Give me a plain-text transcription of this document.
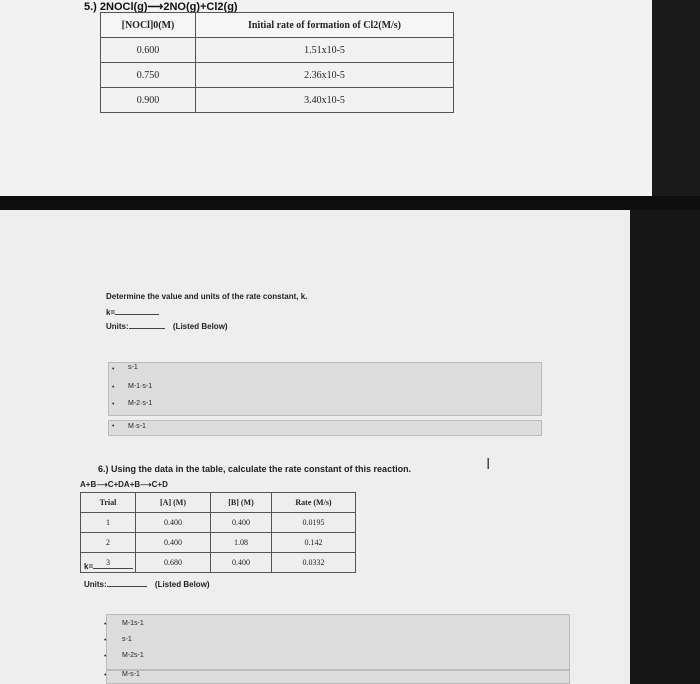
5.) 2NOCl(g)⟶2NO(g)+Cl2(g)
[NOCl]0(M)	Initial rate of formation of Cl2(M/s)
0.600	1.51x10-5
0.750	2.36x10-5
0.900	3.40x10-5
Determine the value and units of the rate constant, k.
k=
Units:	(Listed Below)
• s-1
• M-1·s-1
• M-2·s-1
• M·s-1
I
6.) Using the data in the table, calculate the rate constant of this reaction.
A+B⟶C+DA+B⟶C+D
Trial	[A] (M)	[B] (M)	Rate (M/s)
1	0.400	0.400	0.0195
2	0.400	1.08	0.142
3	0.680	0.400	0.0332
k=
Units:	(Listed Below)
• M-1s-1
• s-1
• M-2s-1
• M-s-1
